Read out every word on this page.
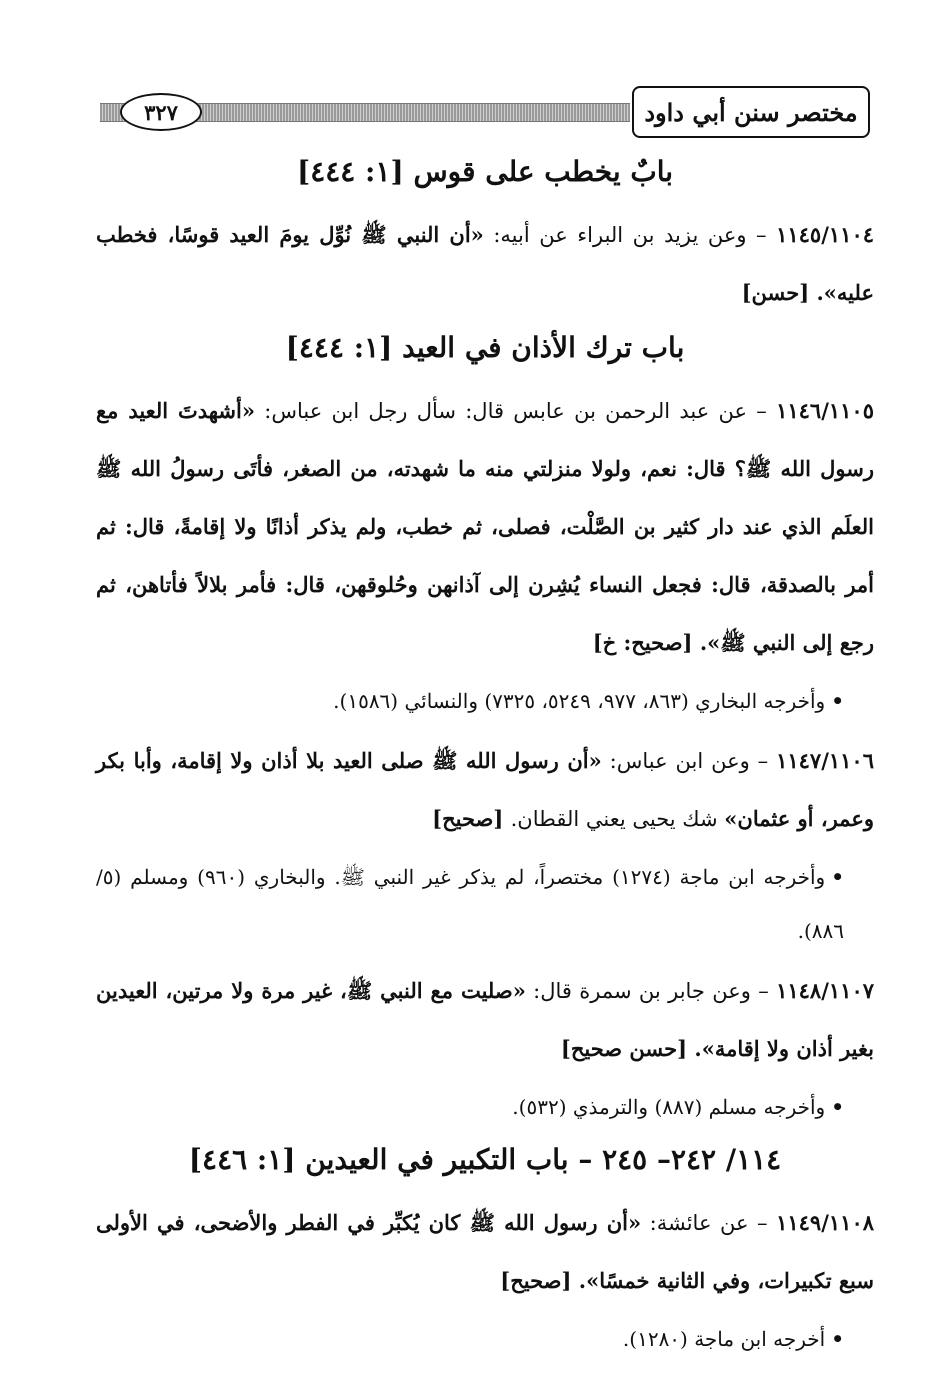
٣٢٧	مختصر سنن أبي داود
بابٌ يخطب على قوس [١: ٤٤٤]

١١٤٥/١١٠٤ – وعن يزيد بن البراء عن أبيه: «أن النبي ﷺ نُوِّل يومَ العيد قوسًا، فخطب عليه». [حسن]

باب ترك الأذان في العيد [١: ٤٤٤]

١١٤٦/١١٠٥ – عن عبد الرحمن بن عابس قال: سأل رجل ابن عباس: «أشهدتَ العيد مع رسول الله ﷺ؟ قال: نعم، ولولا منزلتي منه ما شهدته، من الصغر، فأتَى رسولُ الله ﷺ العلَم الذي عند دار كثير بن الصَّلْت، فصلى، ثم خطب، ولم يذكر أذانًا ولا إقامةً، قال: ثم أمر بالصدقة، قال: فجعل النساء يُشِرن إلى آذانهن وحُلوقهن، قال: فأمر بلالاً فأتاهن، ثم رجع إلى النبي ﷺ». [صحيح: خ]

•وأخرجه البخاري (٨٦٣، ٩٧٧، ٥٢٤٩، ٧٣٢٥) والنسائي (١٥٨٦).

١١٤٧/١١٠٦ – وعن ابن عباس: «أن رسول الله ﷺ صلى العيد بلا أذان ولا إقامة، وأبا بكر وعمر، أو عثمان» شك يحيى يعني القطان. [صحيح]

•وأخرجه ابن ماجة (١٢٧٤) مختصراً، لم يذكر غير النبي ﷺ. والبخاري (٩٦٠) ومسلم (٥/ ٨٨٦).

١١٤٨/١١٠٧ – وعن جابر بن سمرة قال: «صليت مع النبي ﷺ، غير مرة ولا مرتين، العيدين بغير أذان ولا إقامة». [حسن صحيح]

•وأخرجه مسلم (٨٨٧) والترمذي (٥٣٢).

١١٤/ ٢٤٢– ٢٤٥ – باب التكبير في العيدين [١: ٤٤٦]

١١٤٩/١١٠٨ – عن عائشة: «أن رسول الله ﷺ كان يُكبِّر في الفطر والأضحى، في الأولى سبع تكبيرات، وفي الثانية خمسًا». [صحيح]

•أخرجه ابن ماجة (١٢٨٠).
